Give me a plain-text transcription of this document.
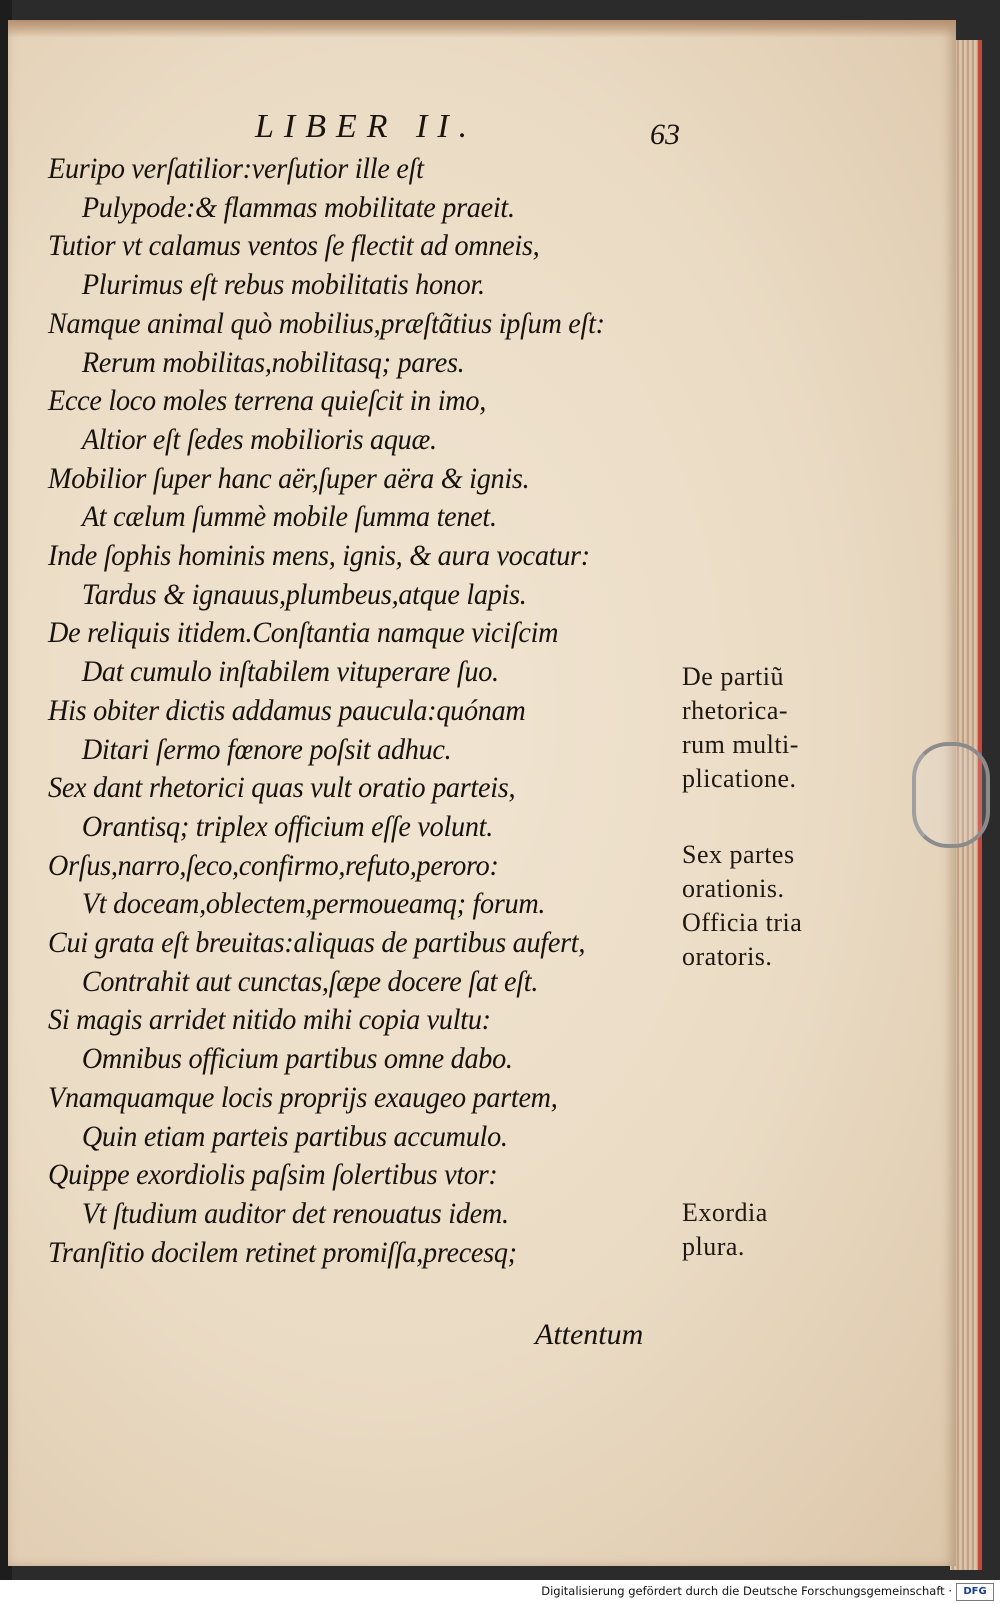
LIBER II.	63
Euripo verſatilior:verſutior ille eſt
Pulypode:& flammas mobilitate praeit.
Tutior vt calamus ventos ſe flectit ad omneis,
Plurimus eſt rebus mobilitatis honor.
Namque animal quò mobilius,præſtãtius ipſum eſt:
Rerum mobilitas,nobilitasq; pares.
Ecce loco moles terrena quieſcit in imo,
Altior eſt ſedes mobilioris aquæ.
Mobilior ſuper hanc aër,ſuper aëra & ignis.
At cælum ſummè mobile ſumma tenet.
Inde ſophis hominis mens, ignis, & aura vocatur:
Tardus & ignauus,plumbeus,atque lapis.
De reliquis itidem.Conſtantia namque viciſcim
Dat cumulo inſtabilem vituperare ſuo.
His obiter dictis addamus paucula:quónam
Ditari ſermo fœnore poſsit adhuc.
Sex dant rhetorici quas vult oratio parteis,
Orantisq; triplex officium eſſe volunt.
Orſus,narro,ſeco,confirmo,refuto,peroro:
Vt doceam,oblectem,permoueamq; forum.
Cui grata eſt breuitas:aliquas de partibus aufert,
Contrahit aut cunctas,ſæpe docere ſat eſt.
Si magis arridet nitido mihi copia vultu:
Omnibus officium partibus omne dabo.
Vnamquamque locis proprijs exaugeo partem,
Quin etiam parteis partibus accumulo.
Quippe exordiolis paſsim ſolertibus vtor:
Vt ſtudium auditor det renouatus idem.
Tranſitio docilem retinet promiſſa,precesq;
Attentum
De partiũ
rhetorica-
rum multi-
plicatione.
Sex partes
orationis.
Officia tria
oratoris.
Exordia
plura.
Digitalisierung gefördert durch die Deutsche Forschungsgemeinschaft ·	DFG
